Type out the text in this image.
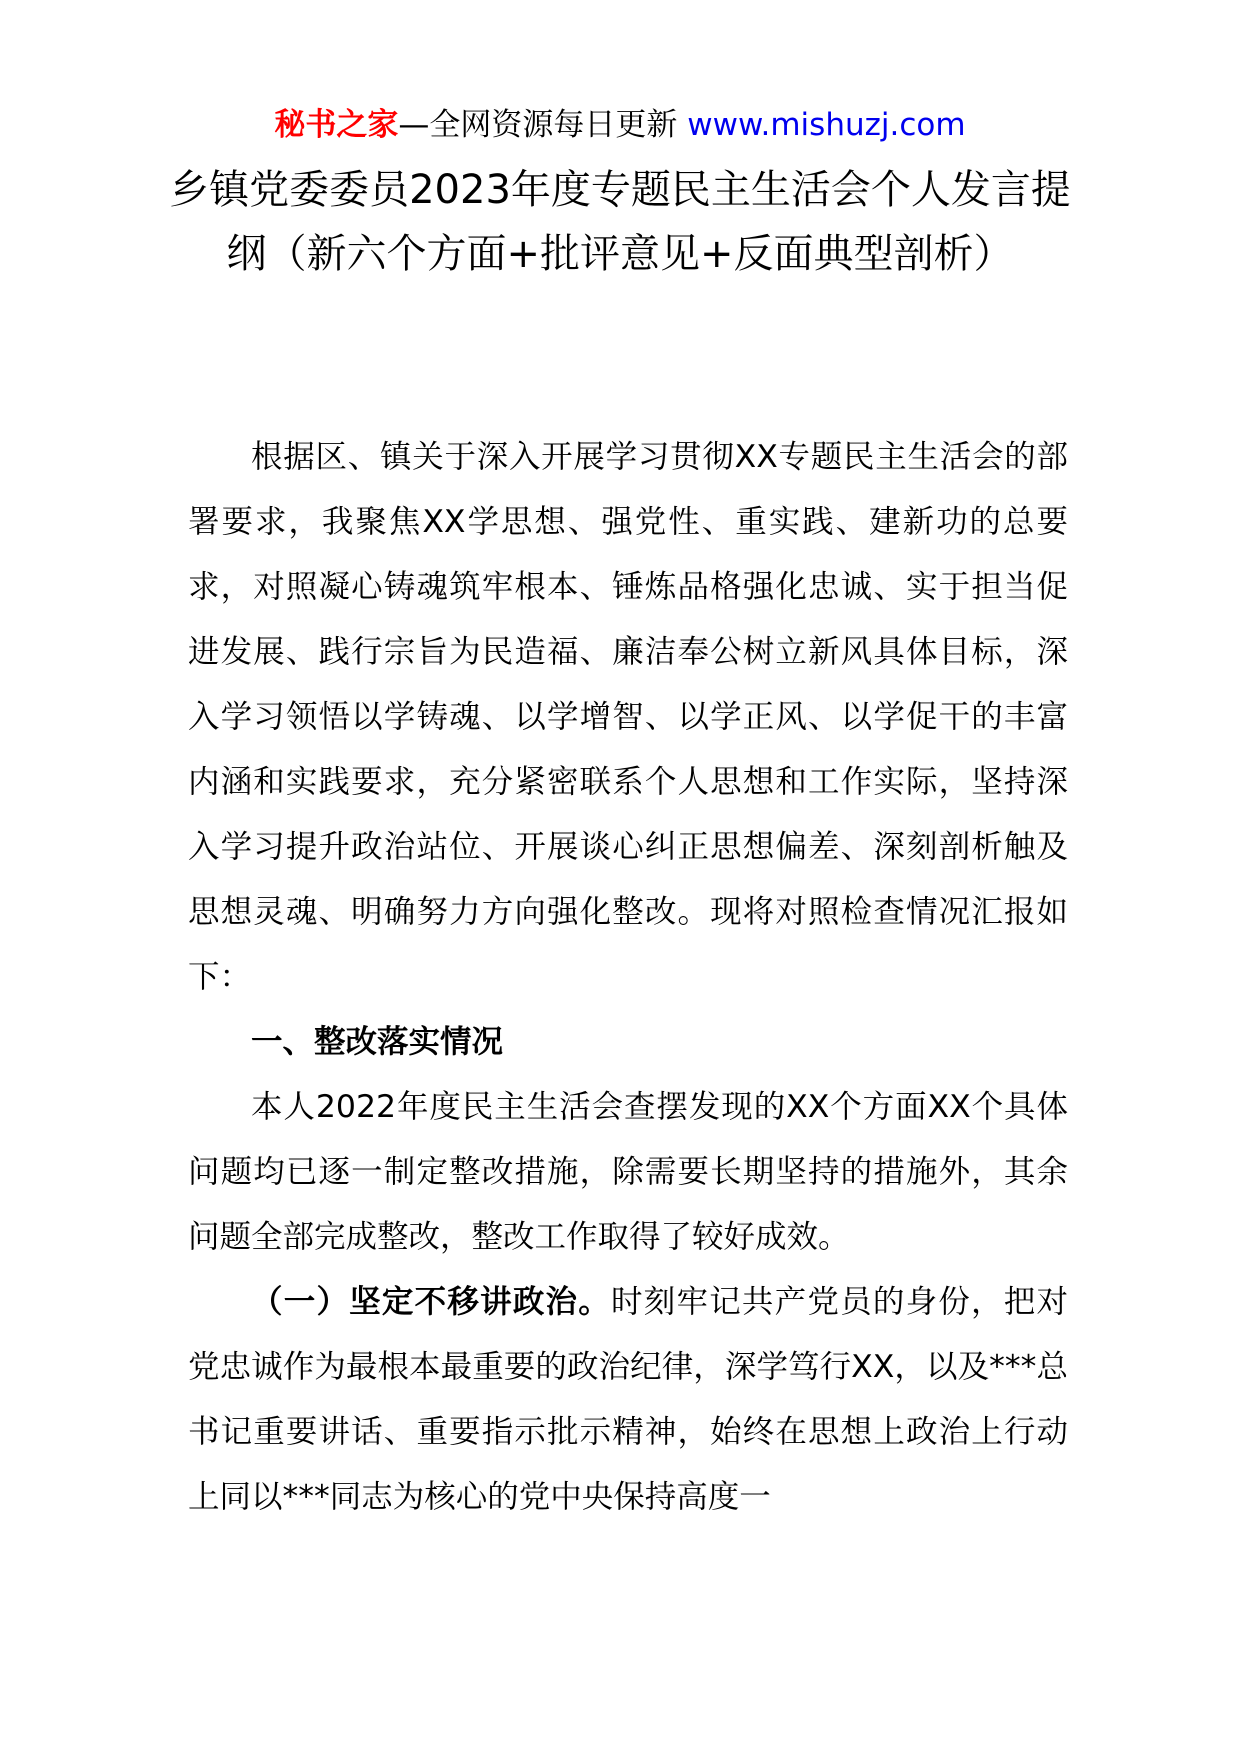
秘书之家—全网资源每日更新 www.mishuzj.com
乡镇党委委员2023年度专题民主生活会个人发言提纲（新六个方面+批评意见+反面典型剖析）

根据区、镇关于深入开展学习贯彻XX专题民主生活会的部署要求，我聚焦XX学思想、强党性、重实践、建新功的总要求，对照凝心铸魂筑牢根本、锤炼品格强化忠诚、实于担当促进发展、践行宗旨为民造福、廉洁奉公树立新风具体目标，深入学习领悟以学铸魂、以学增智、以学正风、以学促干的丰富内涵和实践要求，充分紧密联系个人思想和工作实际，坚持深入学习提升政治站位、开展谈心纠正思想偏差、深刻剖析触及思想灵魂、明确努力方向强化整改。现将对照检查情况汇报如下：

一、整改落实情况

本人2022年度民主生活会查摆发现的XX个方面XX个具体问题均已逐一制定整改措施，除需要长期坚持的措施外，其余问题全部完成整改，整改工作取得了较好成效。

（一）坚定不移讲政治。时刻牢记共产党员的身份，把对党忠诚作为最根本最重要的政治纪律，深学笃行XX，以及***总书记重要讲话、重要指示批示精神，始终在思想上政治上行动上同以***同志为核心的党中央保持高度一
